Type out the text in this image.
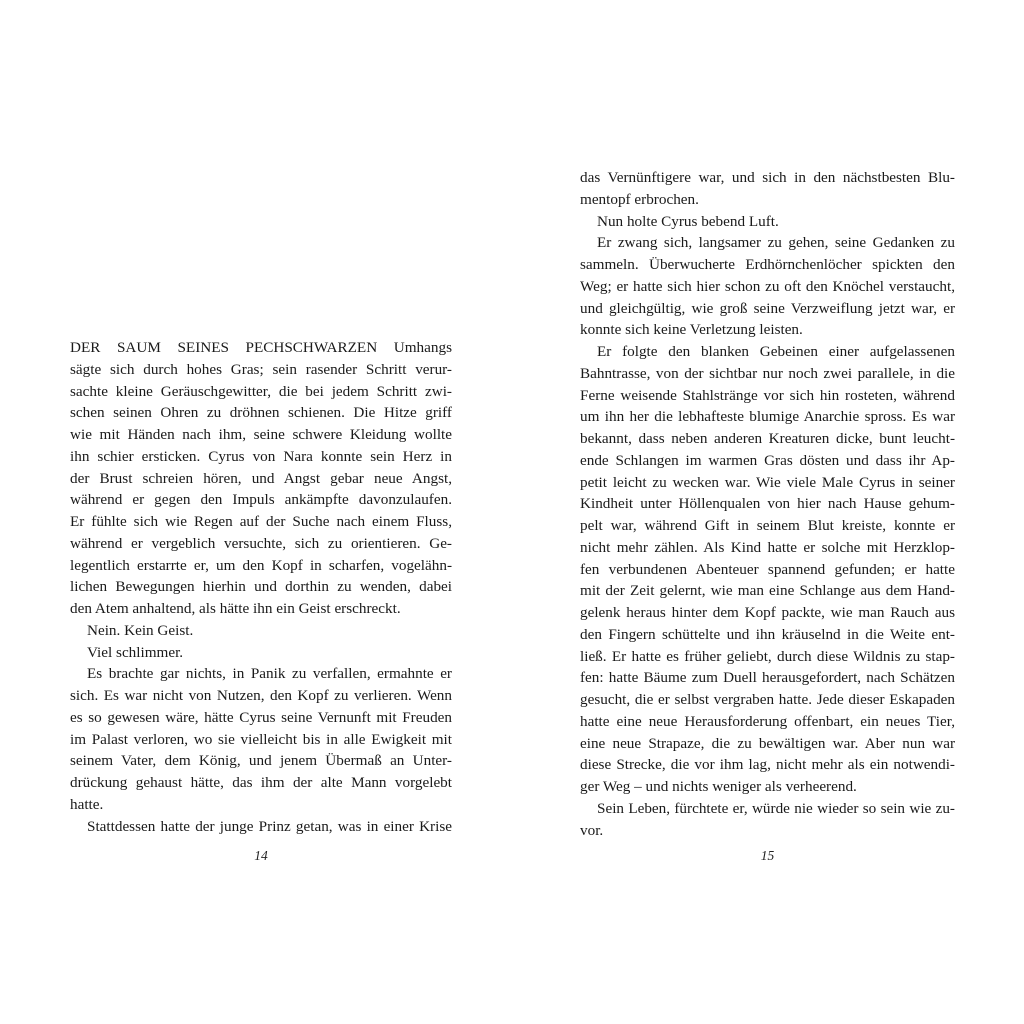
DER SAUM SEINES PECHSCHWARZEN Umhangs
sägte sich durch hohes Gras; sein rasender Schritt verur-
sachte kleine Geräuschgewitter, die bei jedem Schritt zwi-
schen seinen Ohren zu dröhnen schienen. Die Hitze griff
wie mit Händen nach ihm, seine schwere Kleidung wollte
ihn schier ersticken. Cyrus von Nara konnte sein Herz in
der Brust schreien hören, und Angst gebar neue Angst,
während er gegen den Impuls ankämpfte davonzulaufen.
Er fühlte sich wie Regen auf der Suche nach einem Fluss,
während er vergeblich versuchte, sich zu orientieren. Ge-
legentlich erstarrte er, um den Kopf in scharfen, vogelähn-
lichen Bewegungen hierhin und dorthin zu wenden, dabei
den Atem anhaltend, als hätte ihn ein Geist erschreckt.
Nein. Kein Geist.
Viel schlimmer.
Es brachte gar nichts, in Panik zu verfallen, ermahnte er
sich. Es war nicht von Nutzen, den Kopf zu verlieren. Wenn
es so gewesen wäre, hätte Cyrus seine Vernunft mit Freuden
im Palast verloren, wo sie vielleicht bis in alle Ewigkeit mit
seinem Vater, dem König, und jenem Übermaß an Unter-
drückung gehaust hätte, das ihm der alte Mann vorgelebt
hatte.
Stattdessen hatte der junge Prinz getan, was in einer Krise
das Vernünftigere war, und sich in den nächstbesten Blu-
mentopf erbrochen.
Nun holte Cyrus bebend Luft.
Er zwang sich, langsamer zu gehen, seine Gedanken zu
sammeln. Überwucherte Erdhörnchenlöcher spickten den
Weg; er hatte sich hier schon zu oft den Knöchel verstaucht,
und gleichgültig, wie groß seine Verzweiflung jetzt war, er
konnte sich keine Verletzung leisten.
Er folgte den blanken Gebeinen einer aufgelassenen
Bahntrasse, von der sichtbar nur noch zwei parallele, in die
Ferne weisende Stahlstränge vor sich hin rosteten, während
um ihn her die lebhafteste blumige Anarchie spross. Es war
bekannt, dass neben anderen Kreaturen dicke, bunt leucht-
ende Schlangen im warmen Gras dösten und dass ihr Ap-
petit leicht zu wecken war. Wie viele Male Cyrus in seiner
Kindheit unter Höllenqualen von hier nach Hause gehum-
pelt war, während Gift in seinem Blut kreiste, konnte er
nicht mehr zählen. Als Kind hatte er solche mit Herzklop-
fen verbundenen Abenteuer spannend gefunden; er hatte
mit der Zeit gelernt, wie man eine Schlange aus dem Hand-
gelenk heraus hinter dem Kopf packte, wie man Rauch aus
den Fingern schüttelte und ihn kräuselnd in die Weite ent-
ließ. Er hatte es früher geliebt, durch diese Wildnis zu stap-
fen: hatte Bäume zum Duell herausgefordert, nach Schätzen
gesucht, die er selbst vergraben hatte. Jede dieser Eskapaden
hatte eine neue Herausforderung offenbart, ein neues Tier,
eine neue Strapaze, die zu bewältigen war. Aber nun war
diese Strecke, die vor ihm lag, nicht mehr als ein notwendi-
ger Weg – und nichts weniger als verheerend.
Sein Leben, fürchtete er, würde nie wieder so sein wie zu-
vor.
14	15
